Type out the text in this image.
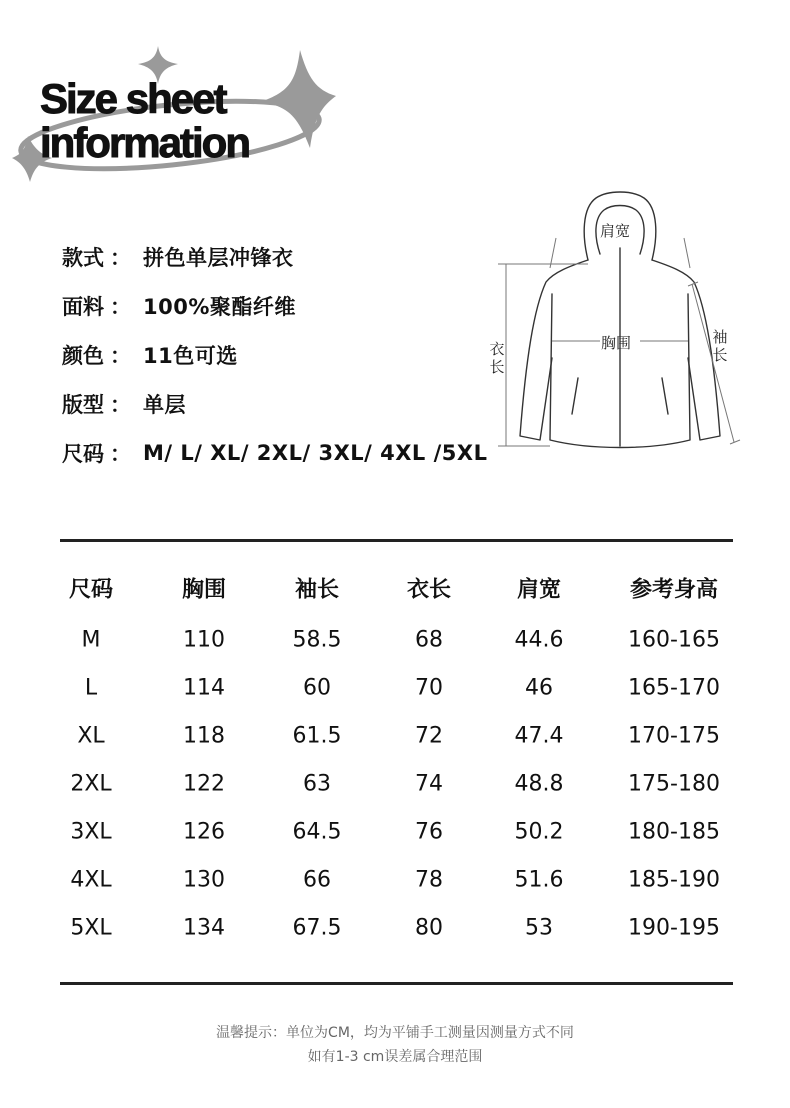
Size sheet
information
款式 ： 拼色单层冲锋衣
面料 ： 100%聚酯纤维
颜色 ： 11色可选
版型 ： 单层
尺码 ： M/ L/ XL/ 2XL/ 3XL/ 4XL /5XL
肩宽
胸围
衣长
袖长
尺码	胸围	袖长	衣长	肩宽	参考身高
M	110	58.5	68	44.6	160-165
L	114	60	70	46	165-170
XL	118	61.5	72	47.4	170-175
2XL	122	63	74	48.8	175-180
3XL	126	64.5	76	50.2	180-185
4XL	130	66	78	51.6	185-190
5XL	134	67.5	80	53	190-195
温馨提示：单位为CM，均为平铺手工测量因测量方式不同
如有1-3 cm误差属合理范围
